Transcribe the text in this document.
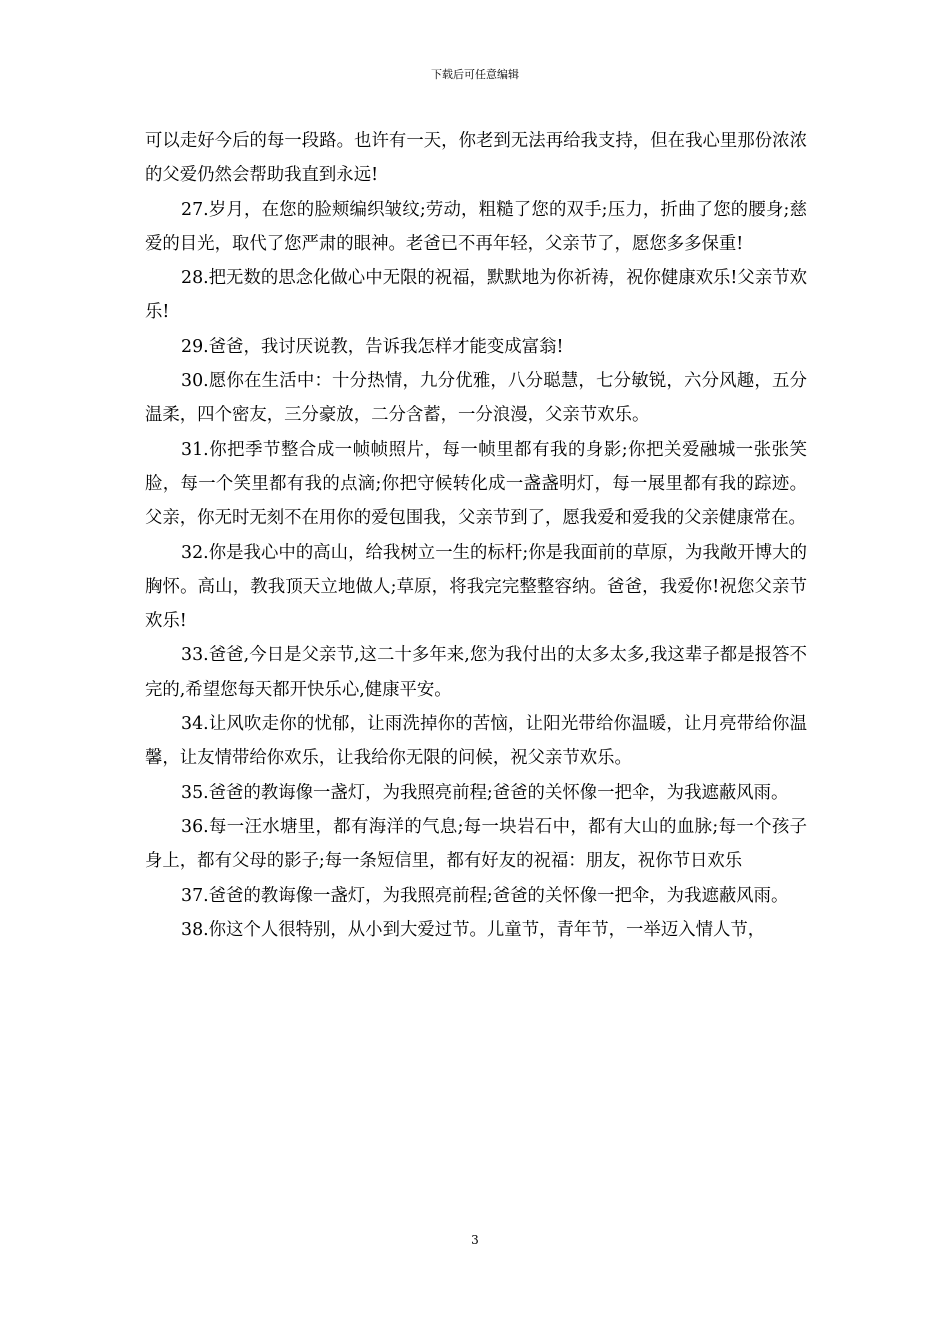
下载后可任意编辑

可以走好今后的每一段路。也许有一天，你老到无法再给我支持，但在我心里那份浓浓的父爱仍然会帮助我直到永远!

27.岁月，在您的脸颊编织皱纹;劳动，粗糙了您的双手;压力，折曲了您的腰身;慈爱的目光，取代了您严肃的眼神。老爸已不再年轻，父亲节了，愿您多多保重!

28.把无数的思念化做心中无限的祝福，默默地为你祈祷，祝你健康欢乐!父亲节欢乐!

29.爸爸，我讨厌说教，告诉我怎样才能变成富翁!

30.愿你在生活中：十分热情，九分优雅，八分聪慧，七分敏锐，六分风趣，五分温柔，四个密友，三分豪放，二分含蓄，一分浪漫，父亲节欢乐。

31.你把季节整合成一帧帧照片，每一帧里都有我的身影;你把关爱融城一张张笑脸，每一个笑里都有我的点滴;你把守候转化成一盏盏明灯，每一展里都有我的踪迹。父亲，你无时无刻不在用你的爱包围我，父亲节到了，愿我爱和爱我的父亲健康常在。

32.你是我心中的高山，给我树立一生的标杆;你是我面前的草原，为我敞开博大的胸怀。高山，教我顶天立地做人;草原，将我完完整整容纳。爸爸，我爱你!祝您父亲节欢乐!

33.爸爸,今日是父亲节,这二十多年来,您为我付出的太多太多,我这辈子都是报答不完的,希望您每天都开快乐心,健康平安。

34.让风吹走你的忧郁，让雨洗掉你的苦恼，让阳光带给你温暖，让月亮带给你温馨，让友情带给你欢乐，让我给你无限的问候，祝父亲节欢乐。

35.爸爸的教诲像一盏灯，为我照亮前程;爸爸的关怀像一把伞，为我遮蔽风雨。

36.每一汪水塘里，都有海洋的气息;每一块岩石中，都有大山的血脉;每一个孩子身上，都有父母的影子;每一条短信里，都有好友的祝福：朋友，祝你节日欢乐

37.爸爸的教诲像一盏灯，为我照亮前程;爸爸的关怀像一把伞，为我遮蔽风雨。

38.你这个人很特别，从小到大爱过节。儿童节，青年节，一举迈入情人节，

3
